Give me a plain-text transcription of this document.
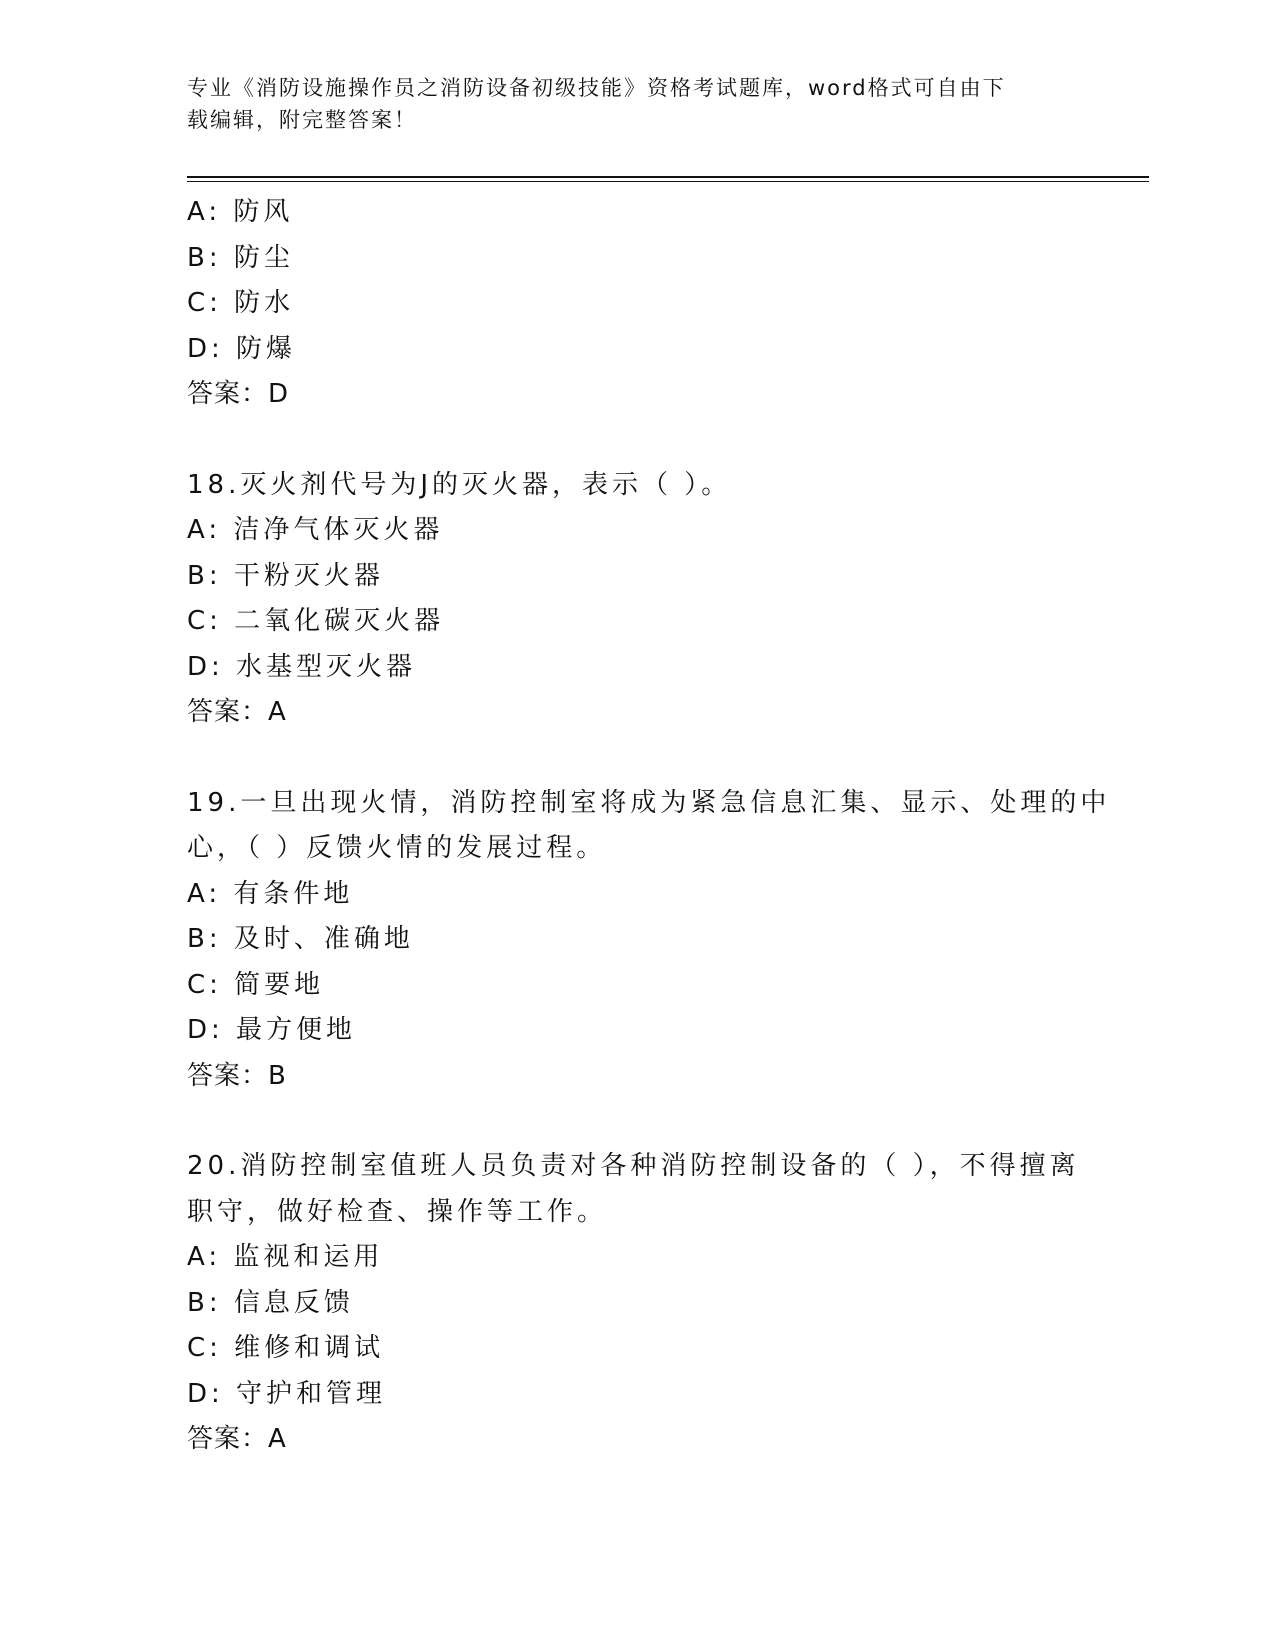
专业《消防设施操作员之消防设备初级技能》资格考试题库，word格式可自由下
载编辑，附完整答案！
A: 防风
B: 防尘
C: 防水
D: 防爆
答案：D
18.灭火剂代号为J的灭火器，表示（ ）。
A: 洁净气体灭火器
B: 干粉灭火器
C: 二氧化碳灭火器
D: 水基型灭火器
答案：A
19.一旦出现火情，消防控制室将成为紧急信息汇集、显示、处理的中
心，（ ）反馈火情的发展过程。
A: 有条件地
B: 及时、准确地
C: 简要地
D: 最方便地
答案：B
20.消防控制室值班人员负责对各种消防控制设备的（ ），不得擅离
职守，做好检查、操作等工作。
A: 监视和运用
B: 信息反馈
C: 维修和调试
D: 守护和管理
答案：A
